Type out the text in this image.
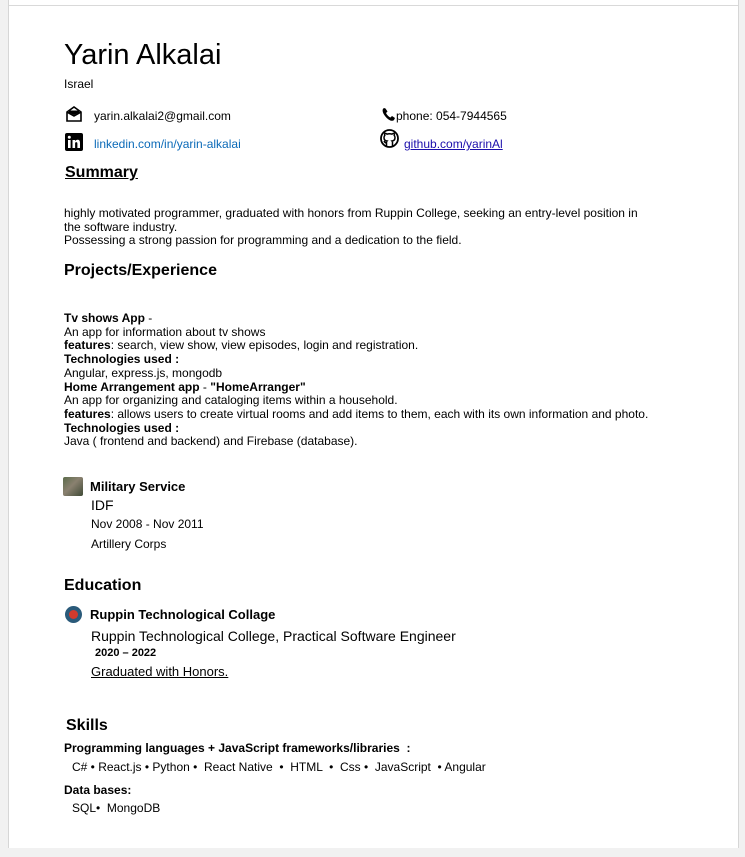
Yarin Alkalai
Israel
yarin.alkalai2@gmail.com	phone: 054-7944565
linkedin.com/in/yarin-alkalai	github.com/yarinAl
Summary
highly motivated programmer, graduated with honors from Ruppin College, seeking an entry-level position in
the software industry.
Possessing a strong passion for programming and a dedication to the field.
Projects/Experience
Tv shows App -
An app for information about tv shows
features: search, view show, view episodes, login and registration.
Technologies used :
Angular, express.js, mongodb
Home Arrangement app - "HomeArranger"
An app for organizing and cataloging items within a household.
features: allows users to create virtual rooms and add items to them, each with its own information and photo.
Technologies used :
Java ( frontend and backend) and Firebase (database).
Military Service
IDF
Nov 2008 - Nov 2011
Artillery Corps
Education
Ruppin Technological Collage
Ruppin Technological College, Practical Software Engineer
2020 – 2022
Graduated with Honors.
Skills
Programming languages + JavaScript frameworks/libraries  :
C# • React.js • Python •  React Native  •  HTML  •  Css •  JavaScript  • Angular
Data bases:
SQL•  MongoDB
